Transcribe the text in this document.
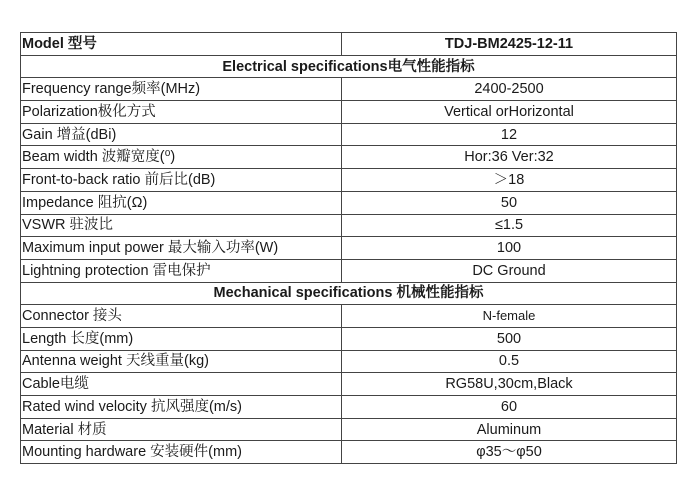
Model 型号	TDJ-BM2425-12-11
Electrical specifications电气性能指标	
Frequency range频率(MHz)	2400-2500
Polarization极化方式	Vertical orHorizontal
Gain 增益(dBi)	12
Beam width 波瓣宽度(⁰)	Hor:36 Ver:32
Front-to-back ratio 前后比(dB)	＞18
Impedance 阻抗(Ω)	50
VSWR 驻波比	≤1.5
Maximum input power 最大输入功率(W)	100
Lightning protection 雷电保护	DC Ground
Mechanical specifications 机械性能指标	
Connector 接头	N-female
Length 长度(mm)	500
Antenna weight 天线重量(kg)	0.5
Cable电缆	RG58U,30cm,Black
Rated wind velocity 抗风强度(m/s)	60
Material 材质	Aluminum
Mounting hardware 安装硬件(mm)	φ35～φ50
